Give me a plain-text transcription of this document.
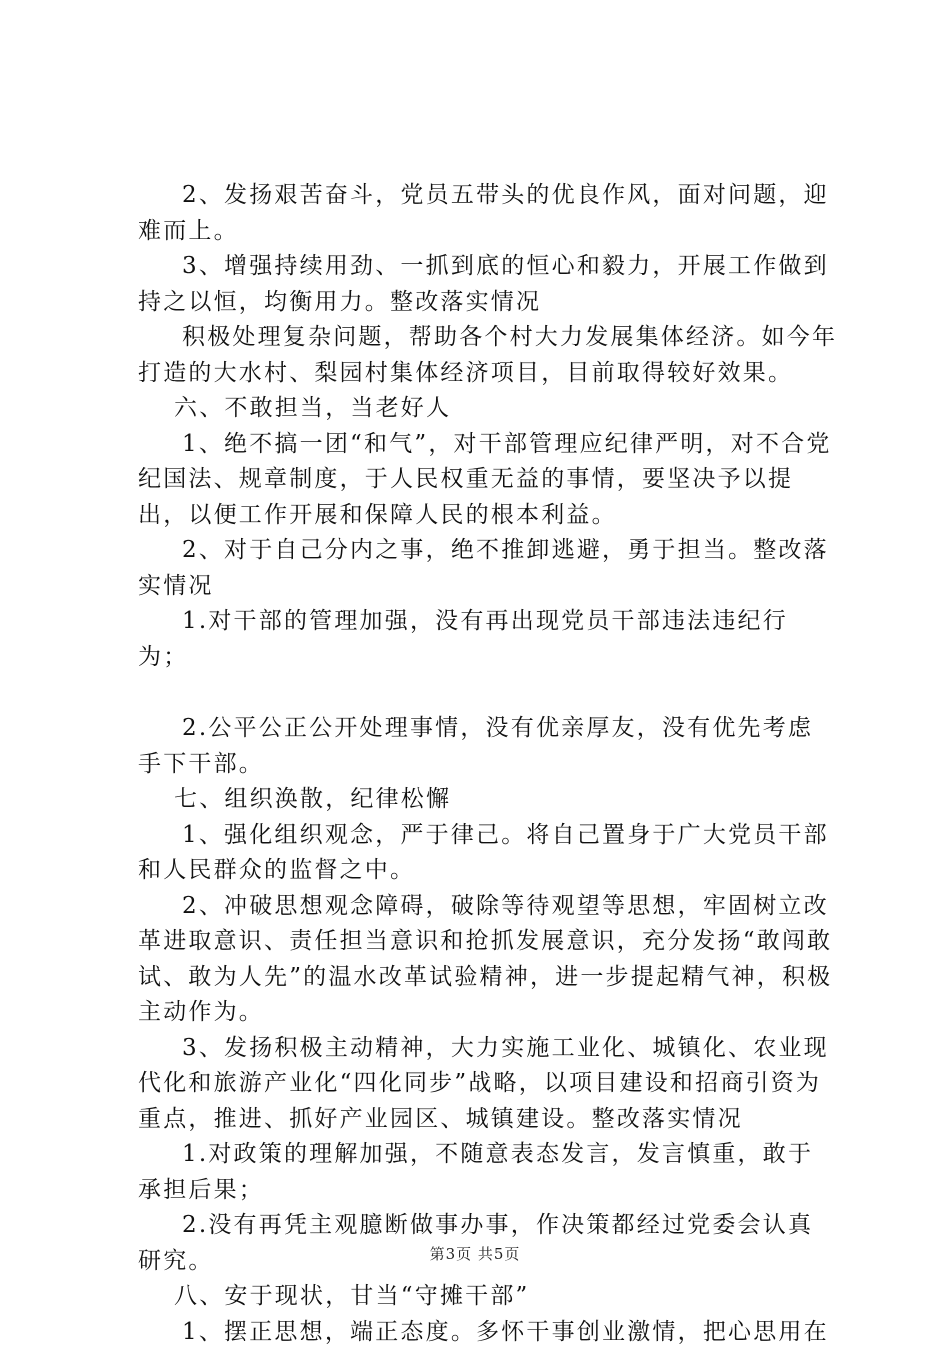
2、发扬艰苦奋斗，党员五带头的优良作风，面对问题，迎难而上。

3、增强持续用劲、一抓到底的恒心和毅力，开展工作做到持之以恒，均衡用力。整改落实情况

积极处理复杂问题，帮助各个村大力发展集体经济。如今年打造的大水村、梨园村集体经济项目，目前取得较好效果。

六、不敢担当，当老好人

1、绝不搞一团“和气”，对干部管理应纪律严明，对不合党纪国法、规章制度，于人民权重无益的事情，要坚决予以提出，以便工作开展和保障人民的根本利益。

2、对于自己分内之事，绝不推卸逃避，勇于担当。整改落实情况

1.对干部的管理加强，没有再出现党员干部违法违纪行为；

2.公平公正公开处理事情，没有优亲厚友，没有优先考虑手下干部。

七、组织涣散，纪律松懈

1、强化组织观念，严于律己。将自己置身于广大党员干部和人民群众的监督之中。

2、冲破思想观念障碍，破除等待观望等思想，牢固树立改革进取意识、责任担当意识和抢抓发展意识，充分发扬“敢闯敢试、敢为人先”的温水改革试验精神，进一步提起精气神，积极主动作为。

3、发扬积极主动精神，大力实施工业化、城镇化、农业现代化和旅游产业化“四化同步”战略，以项目建设和招商引资为重点，推进、抓好产业园区、城镇建设。整改落实情况

1.对政策的理解加强，不随意表态发言，发言慎重，敢于承担后果；

2.没有再凭主观臆断做事办事，作决策都经过党委会认真研究。

八、安于现状，甘当“守摊干部”

1、摆正思想，端正态度。多怀干事创业激情，把心思用在

第3页 共5页
